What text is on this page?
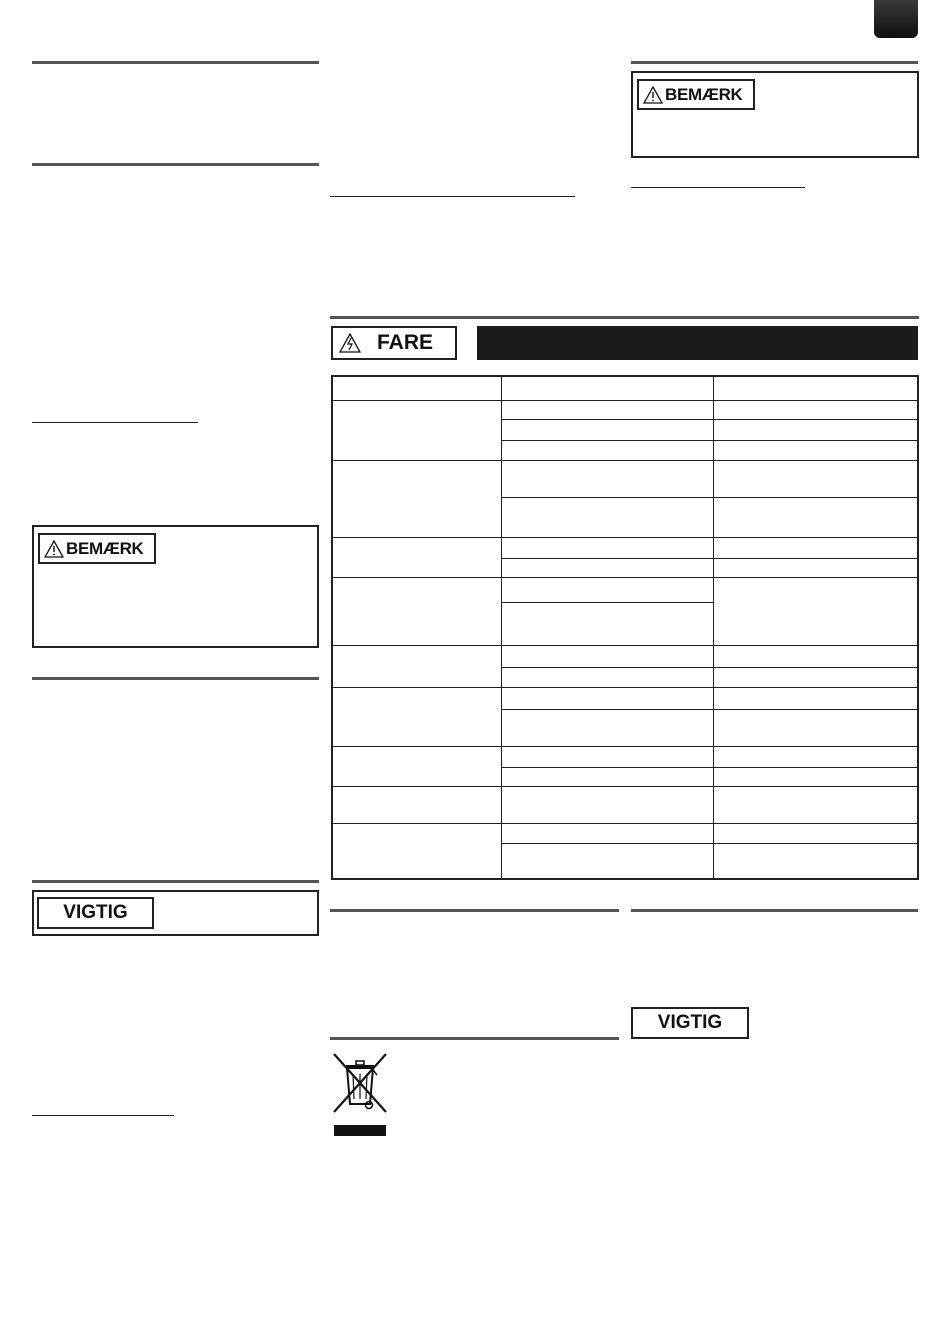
BEMÆRK
VIGTIG
BEMÆRK
FARE
VIGTIG
